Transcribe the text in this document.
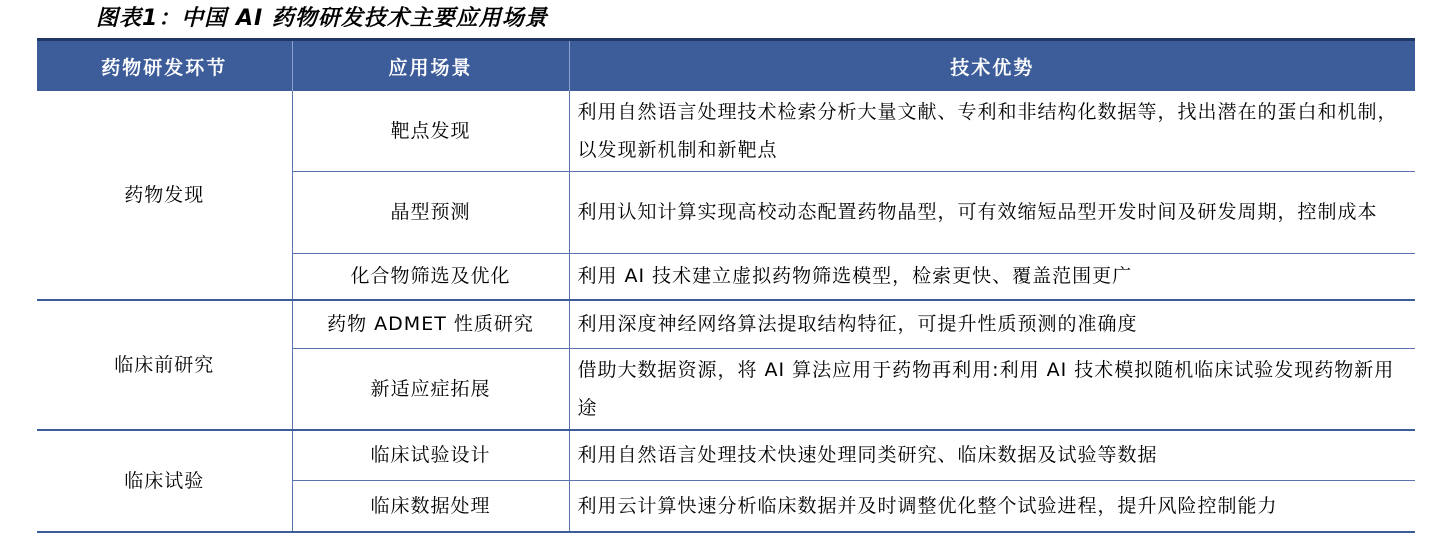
图表1：中国 AI 药物研发技术主要应用场景
药物研发环节	应用场景	技术优势
药物发现	靶点发现	利用自然语言处理技术检索分析大量文献、专利和非结构化数据等，找出潜在的蛋白和机制，以发现新机制和新靶点
	晶型预测	利用认知计算实现高校动态配置药物晶型，可有效缩短品型开发时间及研发周期，控制成本
	化合物筛选及优化	利用 AI 技术建立虚拟药物筛选模型，检索更快、覆盖范围更广
临床前研究	药物 ADMET 性质研究	利用深度神经网络算法提取结构特征，可提升性质预测的准确度
	新适应症拓展	借助大数据资源，将 AI 算法应用于药物再利用:利用 AI 技术模拟随机临床试验发现药物新用途
临床试验	临床试验设计	利用自然语言处理技术快速处理同类研究、临床数据及试验等数据
	临床数据处理	利用云计算快速分析临床数据并及时调整优化整个试验进程，提升风险控制能力
